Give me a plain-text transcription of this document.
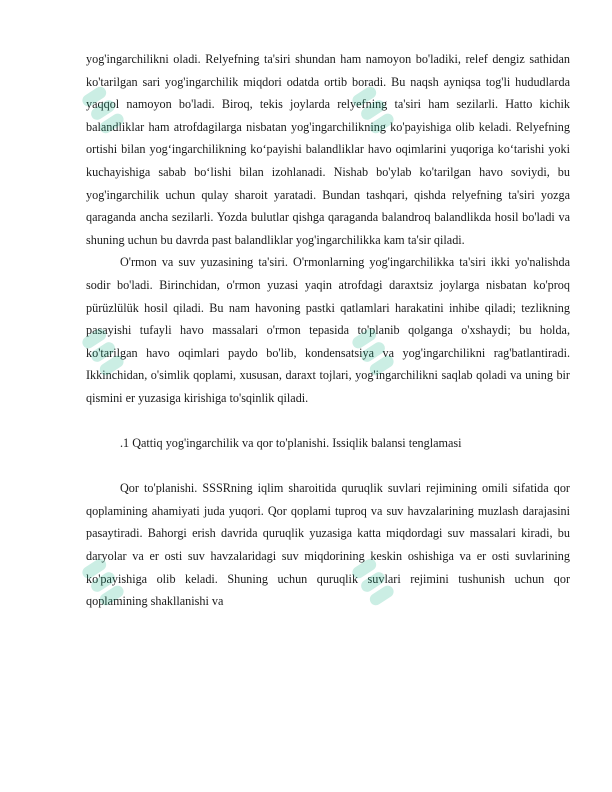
yog'ingarchilikni oladi. Relyefning ta'siri shundan ham namoyon bo'ladiki, relef dengiz sathidan ko'tarilgan sari yog'ingarchilik miqdori odatda ortib boradi. Bu naqsh ayniqsa tog'li hududlarda yaqqol namoyon bo'ladi. Biroq, tekis joylarda relyefning ta'siri ham sezilarli. Hatto kichik balandliklar ham atrofdagilarga nisbatan yog'ingarchilikning ko'payishiga olib keladi. Relyefning ortishi bilan yog‘ingarchilikning ko‘payishi balandliklar havo oqimlarini yuqoriga ko‘tarishi yoki kuchayishiga sabab bo‘lishi bilan izohlanadi. Nishab bo'ylab ko'tarilgan havo soviydi, bu yog'ingarchilik uchun qulay sharoit yaratadi. Bundan tashqari, qishda relyefning ta'siri yozga qaraganda ancha sezilarli. Yozda bulutlar qishga qaraganda balandroq balandlikda hosil bo'ladi va shuning uchun bu davrda past balandliklar yog'ingarchilikka kam ta'sir qiladi.

O'rmon va suv yuzasining ta'siri. O'rmonlarning yog'ingarchilikka ta'siri ikki yo'nalishda sodir bo'ladi. Birinchidan, o'rmon yuzasi yaqin atrofdagi daraxtsiz joylarga nisbatan ko'proq pürüzlülük hosil qiladi. Bu nam havoning pastki qatlamlari harakatini inhibe qiladi; tezlikning pasayishi tufayli havo massalari o'rmon tepasida to'planib qolganga o'xshaydi; bu holda, ko'tarilgan havo oqimlari paydo bo'lib, kondensatsiya va yog'ingarchilikni rag'batlantiradi. Ikkinchidan, o'simlik qoplami, xususan, daraxt tojlari, yog'ingarchilikni saqlab qoladi va uning bir qismini er yuzasiga kirishiga to'sqinlik qiladi.

.1 Qattiq yog'ingarchilik va qor to'planishi. Issiqlik balansi tenglamasi

Qor to'planishi. SSSRning iqlim sharoitida quruqlik suvlari rejimining omili sifatida qor qoplamining ahamiyati juda yuqori. Qor qoplami tuproq va suv havzalarining muzlash darajasini pasaytiradi. Bahorgi erish davrida quruqlik yuzasiga katta miqdordagi suv massalari kiradi, bu daryolar va er osti suv havzalaridagi suv miqdorining keskin oshishiga va er osti suvlarining ko'payishiga olib keladi. Shuning uchun quruqlik suvlari rejimini tushunish uchun qor qoplamining shakllanishi va
